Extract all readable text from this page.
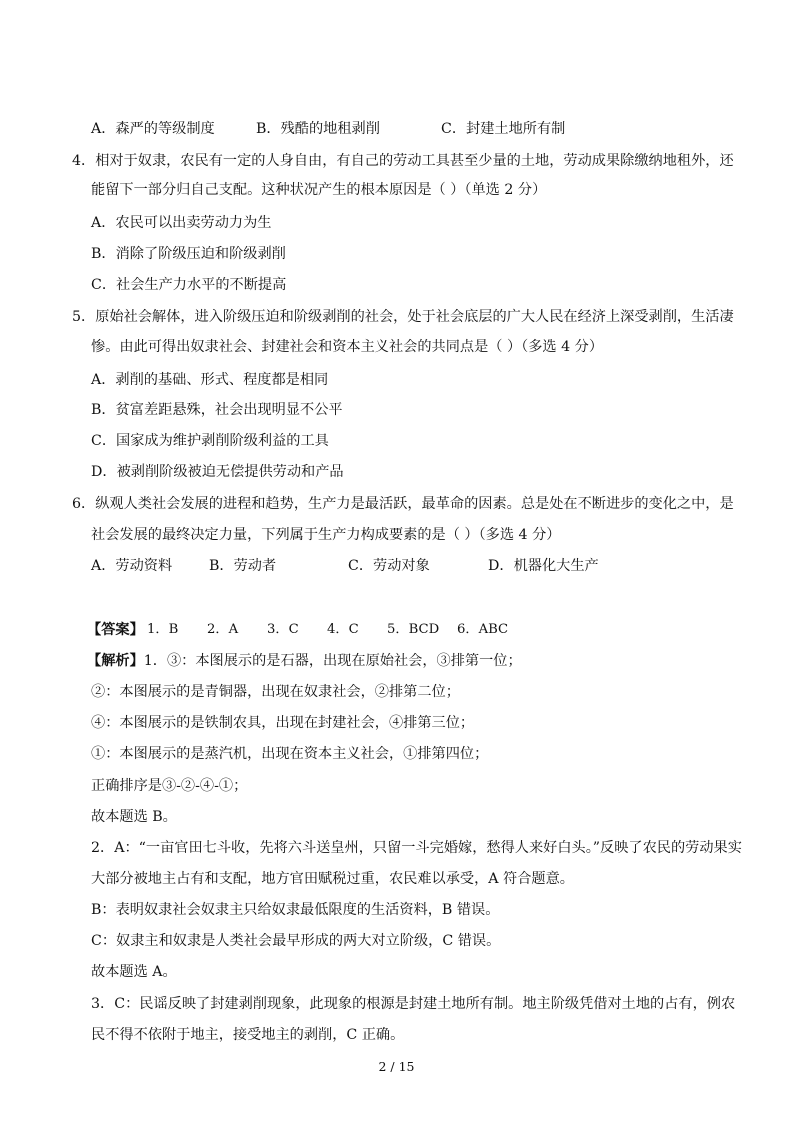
A．森严的等级制度	B．残酷的地租剥削	C．封建土地所有制
4．相对于奴隶，农民有一定的人身自由，有自己的劳动工具甚至少量的土地，劳动成果除缴纳地租外，还
能留下一部分归自己支配。这种状况产生的根本原因是（ ）（单选 2 分）
A．农民可以出卖劳动力为生
B．消除了阶级压迫和阶级剥削
C．社会生产力水平的不断提高
5．原始社会解体，进入阶级压迫和阶级剥削的社会，处于社会底层的广大人民在经济上深受剥削，生活凄
惨。由此可得出奴隶社会、封建社会和资本主义社会的共同点是（ ）（多选 4 分）
A．剥削的基础、形式、程度都是相同
B．贫富差距悬殊，社会出现明显不公平
C．国家成为维护剥削阶级利益的工具
D．被剥削阶级被迫无偿提供劳动和产品
6．纵观人类社会发展的进程和趋势，生产力是最活跃，最革命的因素。总是处在不断进步的变化之中，是
社会发展的最终决定力量，下列属于生产力构成要素的是（ ）（多选 4 分）
A．劳动资料	B．劳动者	C．劳动对象	D．机器化大生产
【答案】 1．B 2．A 3．C 4．C 5．BCD 6．ABC
【解析】1．③：本图展示的是石器，出现在原始社会，③排第一位；
②：本图展示的是青铜器，出现在奴隶社会，②排第二位；
④：本图展示的是铁制农具，出现在封建社会，④排第三位；
①：本图展示的是蒸汽机，出现在资本主义社会，①排第四位；
正确排序是③-②-④-①；
故本题选 B。
2．A：“一亩官田七斗收，先将六斗送皇州，只留一斗完婚嫁，愁得人来好白头。”反映了农民的劳动果实
大部分被地主占有和支配，地方官田赋税过重，农民难以承受，A 符合题意。
B：表明奴隶社会奴隶主只给奴隶最低限度的生活资料，B 错误。
C：奴隶主和奴隶是人类社会最早形成的两大对立阶级，C 错误。
故本题选 A。
3．C：民谣反映了封建剥削现象，此现象的根源是封建土地所有制。地主阶级凭借对土地的占有，例农
民不得不依附于地主，接受地主的剥削，C 正确。
2 / 15
